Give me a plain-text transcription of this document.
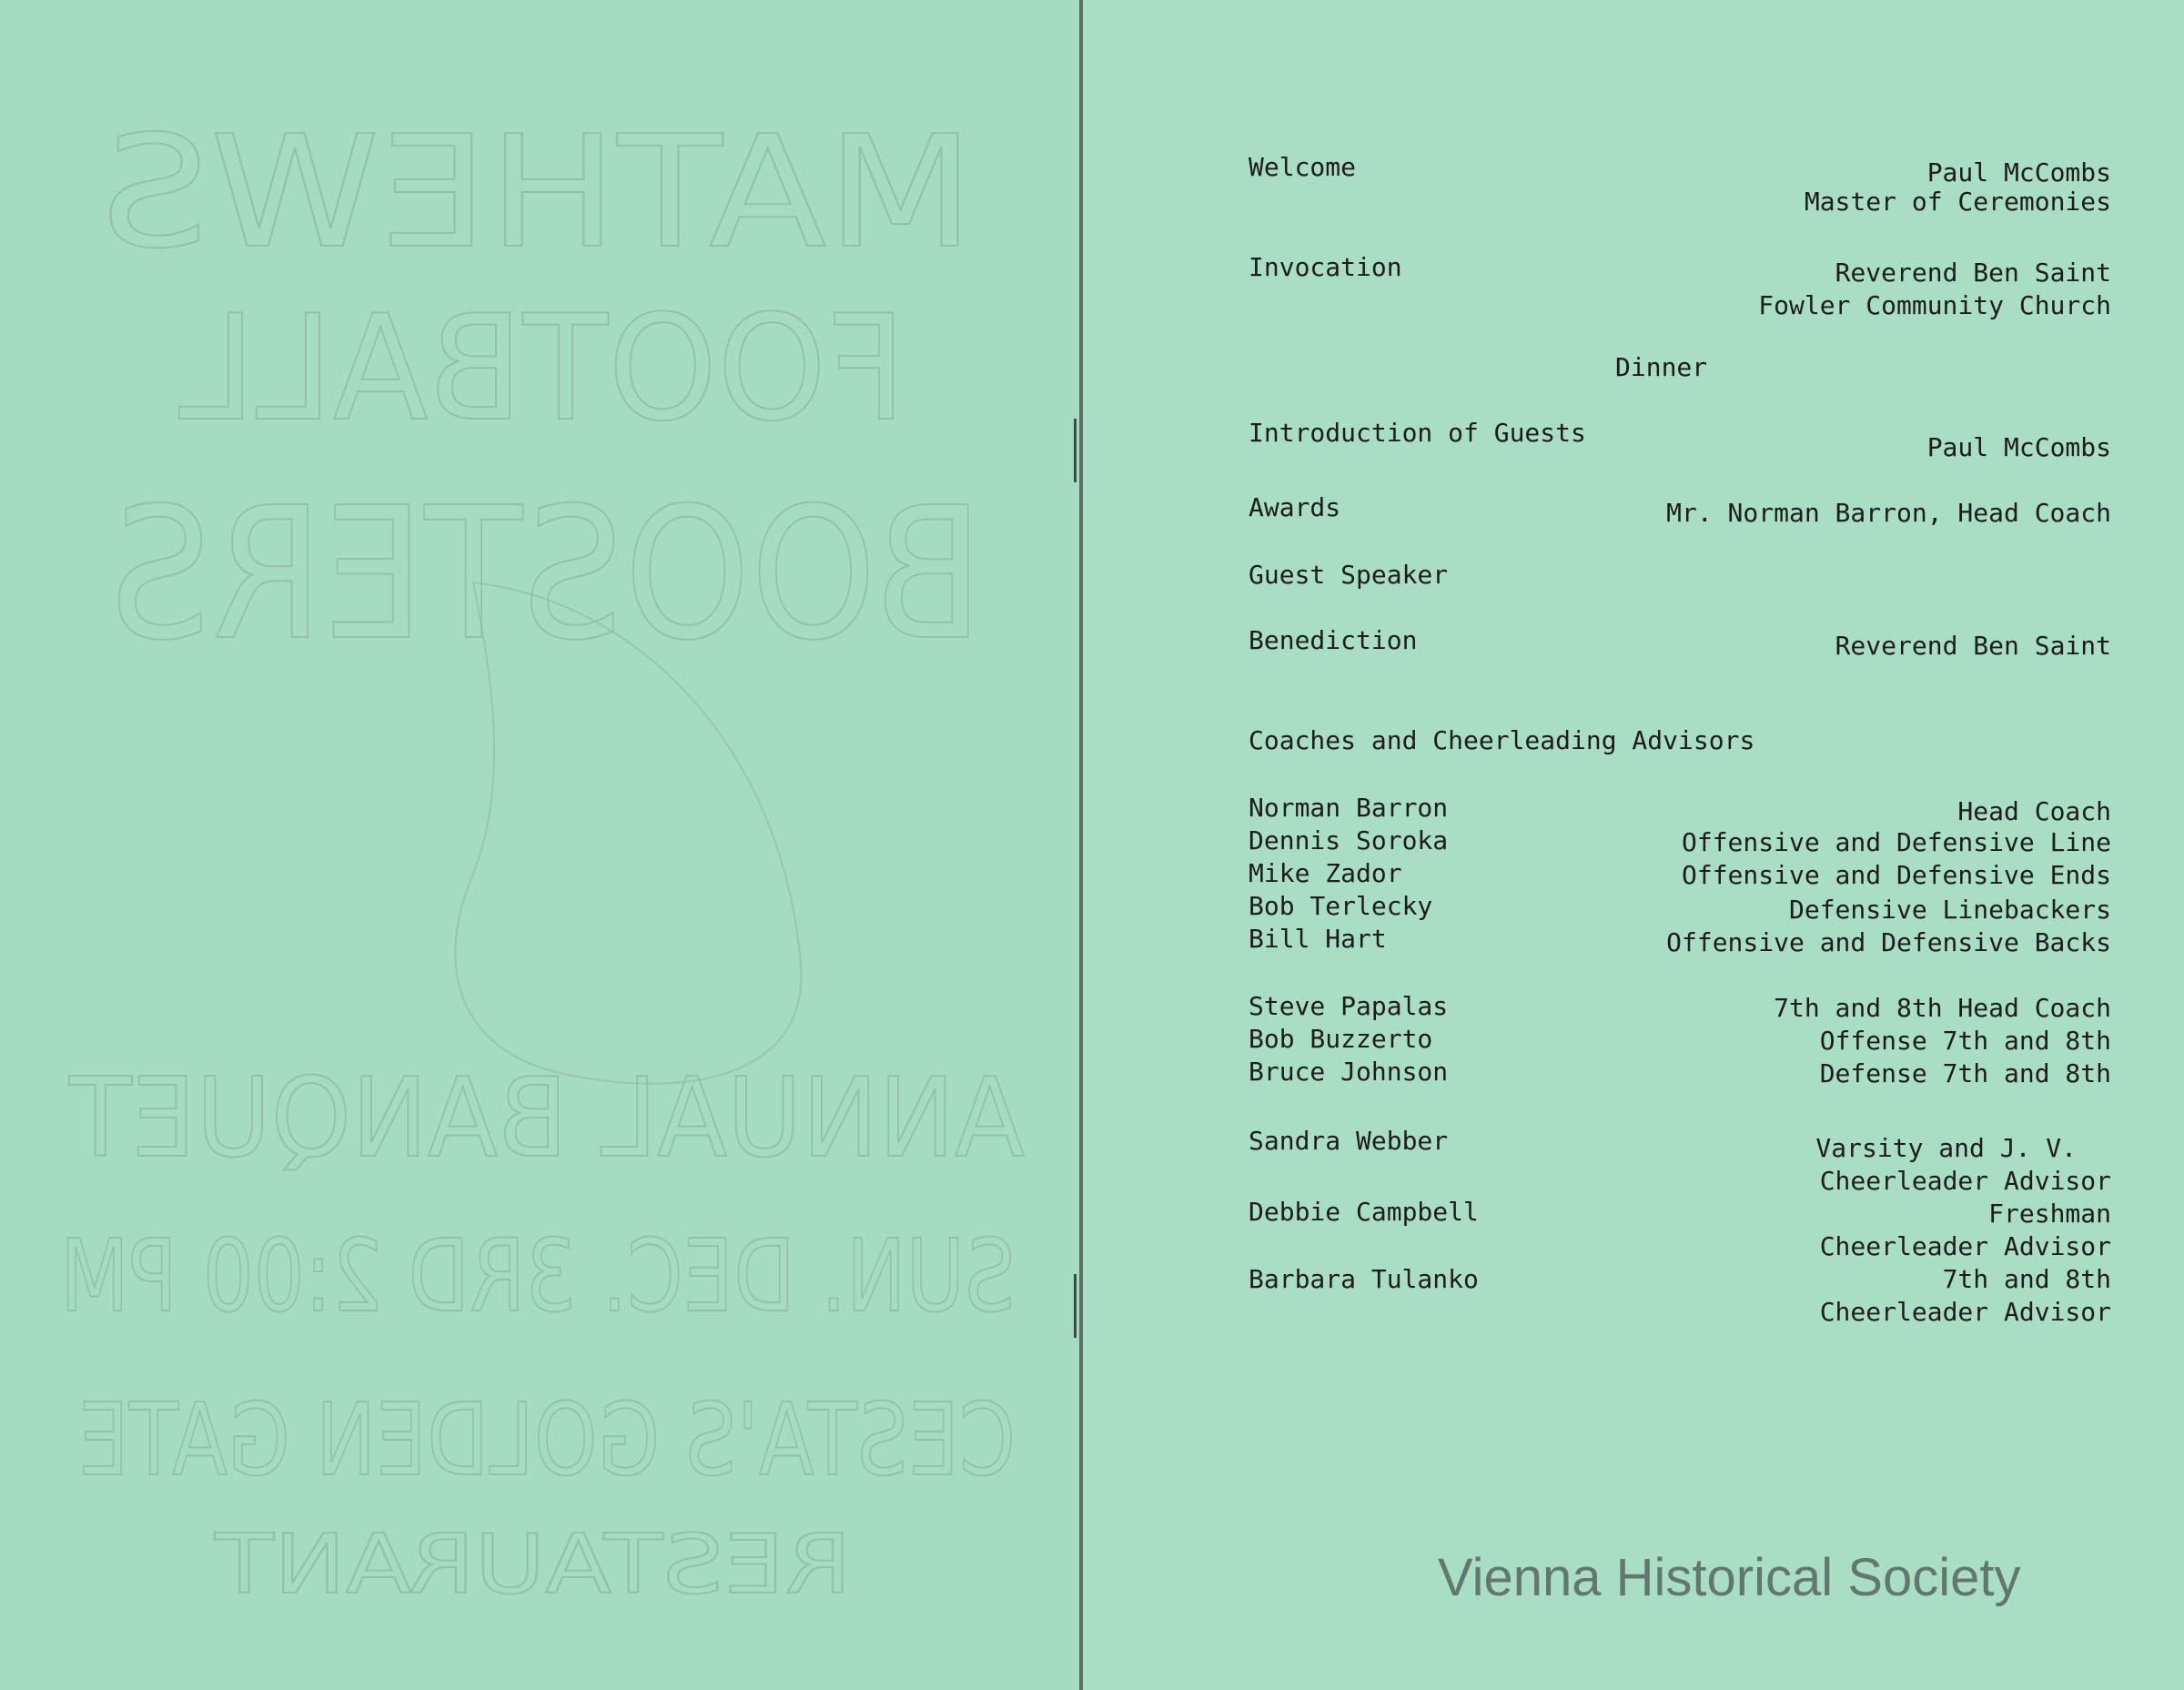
MATHEWS
FOOTBALL
BOOSTERS
ANNUAL BANQUET
SUN. DEC. 3RD 2:00 PM
CESTA'S GOLDEN GATE
RESTAURANT
Welcome	Paul McCombs
Master of Ceremonies
Invocation	Reverend Ben Saint
Fowler Community Church
Dinner
Introduction of Guests	Paul McCombs
Awards	Mr. Norman Barron, Head Coach
Guest Speaker
Benediction	Reverend Ben Saint
Coaches and Cheerleading Advisors
Norman Barron	Head Coach
Dennis Soroka	Offensive and Defensive Line
Mike Zador	Offensive and Defensive Ends
Bob Terlecky	Defensive Linebackers
Bill Hart	Offensive and Defensive Backs
Steve Papalas	7th and 8th Head Coach
Bob Buzzerto	Offense 7th and 8th
Bruce Johnson	Defense 7th and 8th
Sandra Webber	Varsity and J. V.
Cheerleader Advisor
Debbie Campbell	Freshman
Cheerleader Advisor
Barbara Tulanko	7th and 8th
Cheerleader Advisor
Vienna Historical Society
